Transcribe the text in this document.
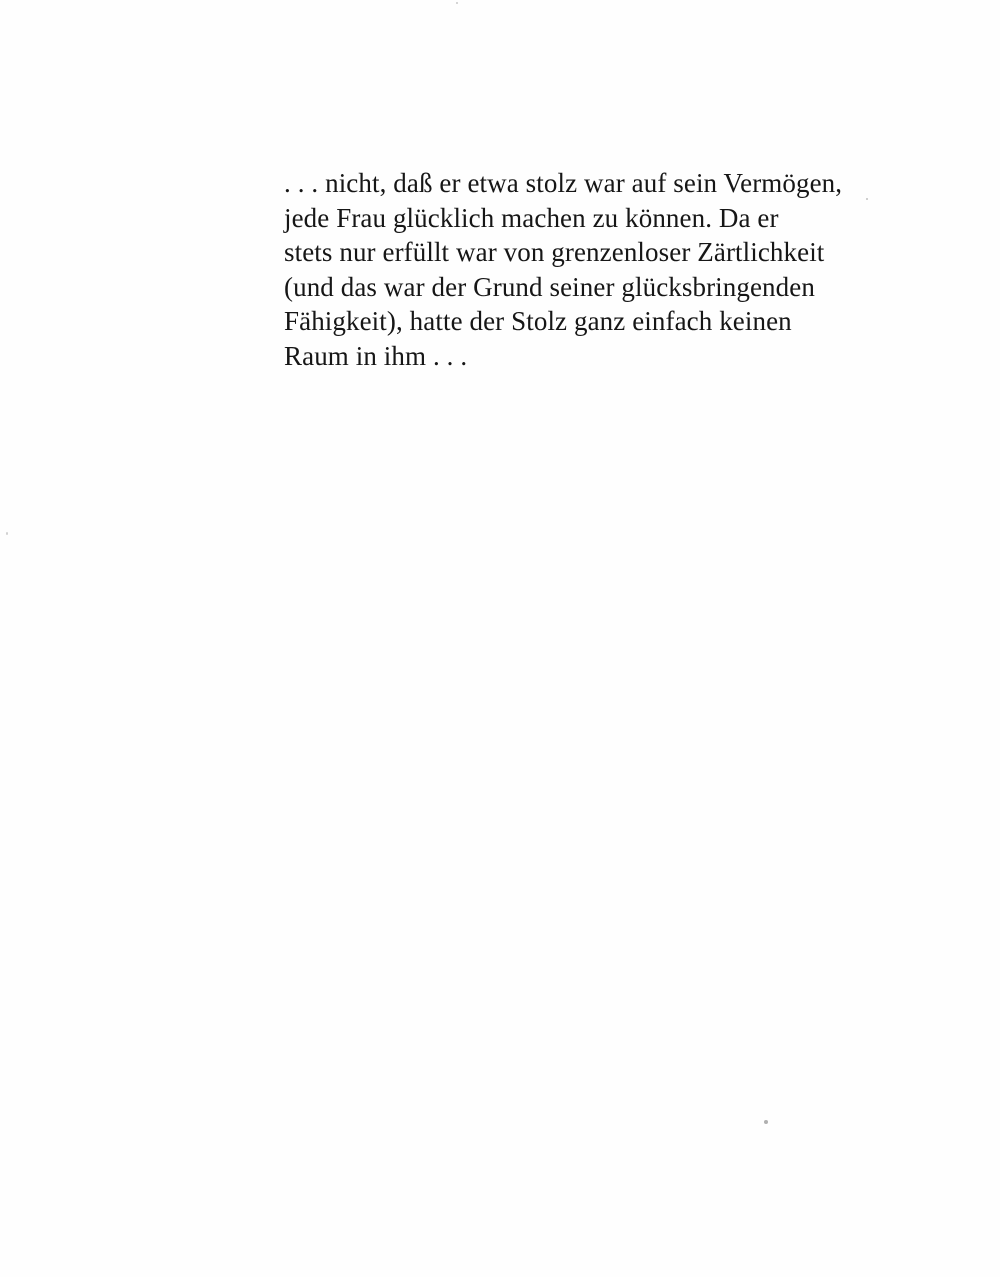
. . . nicht, daß er etwa stolz war auf sein Vermögen,
jede Frau glücklich machen zu können. Da er
stets nur erfüllt war von grenzenloser Zärtlichkeit
(und das war der Grund seiner glücksbringenden
Fähigkeit), hatte der Stolz ganz einfach keinen
Raum in ihm . . .
